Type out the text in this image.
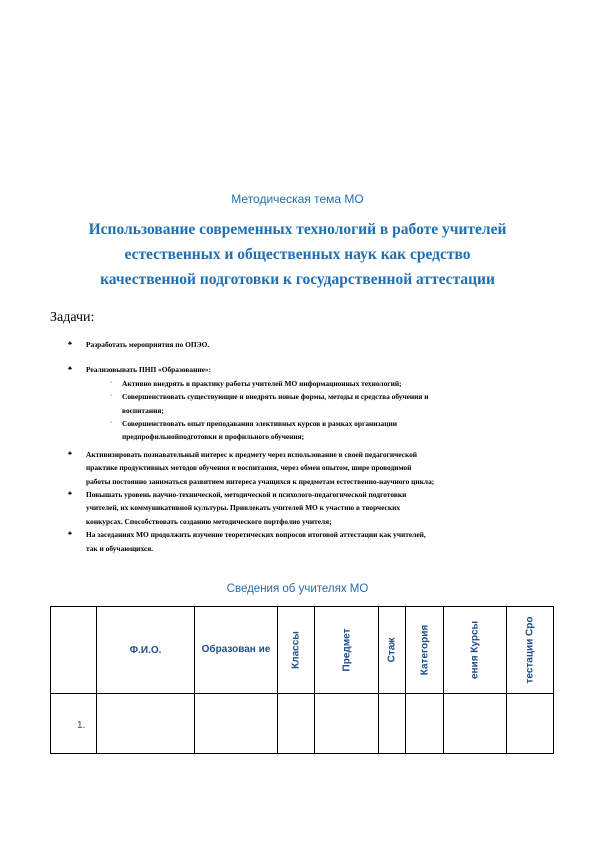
Методическая тема МО
Использование современных технологий в работе учителей
естественных и общественных наук как средство
качественной подготовки к государственной аттестации
Задачи:
♣ Разработать мероприятия по ОПЭО.
♣ Реализовывать ПНП «Образование»:
◦ Активно внедрять в практику работы учителей МО информационных технологий;
◦ Совершенствовать существующие и внедрять новые формы, методы и средства обучения и
воспитания;
◦ Совершенствовать опыт преподавания элективных курсов в рамках организации
предпрофильнойподготовки и профильного обучения;
♣ Активизировать познавательный интерес к предмету через использование в своей педагогической
практике продуктивных методов обучения и воспитания, через обмен опытом, шире проводимой
работы постоянно заниматься развитием интереса учащихся к предметам естественно-научного цикла;
♣ Повышать уровень научно-технической, методической и психолого-педагогической подготовки
учителей, их коммуникативной культуры. Привлекать учителей МО к участию в творческих
конкурсах. Способствовать созданию методического портфолио учителя;
♣ На заседаниях МО продолжить изучение теоретических вопросов итоговой аттестации как учителей,
так и обучающихся.
Сведения об учителях МО
	Ф.И.О.	Образован ие	Классы	Предмет	Стаж	Категория	ения Курсы	тестации Сро

1.								
